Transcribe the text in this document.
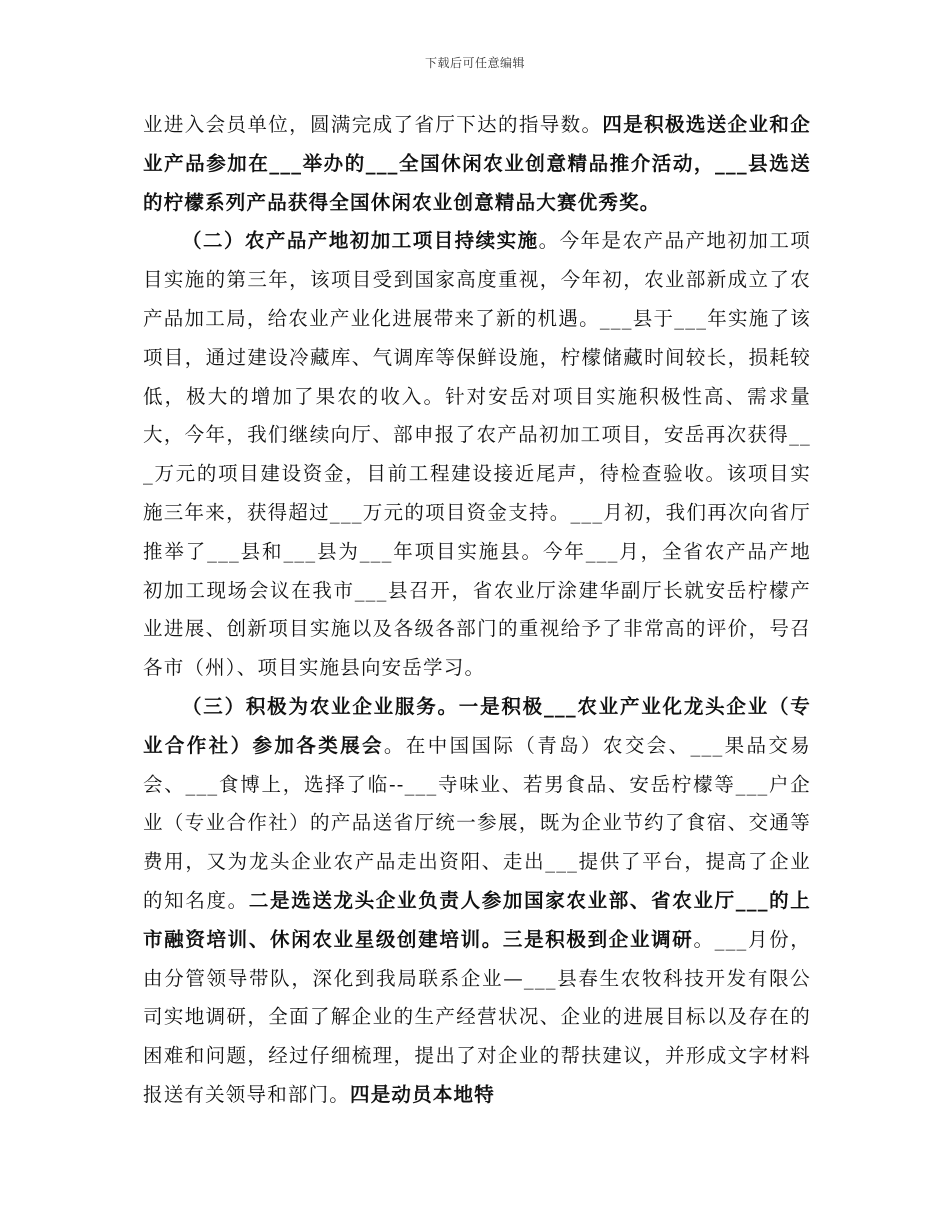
下载后可任意编辑

业进入会员单位，圆满完成了省厅下达的指导数。四是积极选送企业和企业产品参加在___举办的___全国休闲农业创意精品推介活动，___县选送的柠檬系列产品获得全国休闲农业创意精品大赛优秀奖。

（二）农产品产地初加工项目持续实施。今年是农产品产地初加工项目实施的第三年，该项目受到国家高度重视，今年初，农业部新成立了农产品加工局，给农业产业化进展带来了新的机遇。___县于___年实施了该项目，通过建设冷藏库、气调库等保鲜设施，柠檬储藏时间较长，损耗较低，极大的增加了果农的收入。针对安岳对项目实施积极性高、需求量大，今年，我们继续向厅、部申报了农产品初加工项目，安岳再次获得___万元的项目建设资金，目前工程建设接近尾声，待检查验收。该项目实施三年来，获得超过___万元的项目资金支持。___月初，我们再次向省厅推举了___县和___县为___年项目实施县。今年___月，全省农产品产地初加工现场会议在我市___县召开，省农业厅涂建华副厅长就安岳柠檬产业进展、创新项目实施以及各级各部门的重视给予了非常高的评价，号召各市（州）、项目实施县向安岳学习。

（三）积极为农业企业服务。一是积极___农业产业化龙头企业（专业合作社）参加各类展会。在中国国际（青岛）农交会、___果品交易会、___食博上，选择了临--___寺味业、若男食品、安岳柠檬等___户企业（专业合作社）的产品送省厅统一参展，既为企业节约了食宿、交通等费用，又为龙头企业农产品走出资阳、走出___提供了平台，提高了企业的知名度。二是选送龙头企业负责人参加国家农业部、省农业厅___的上市融资培训、休闲农业星级创建培训。三是积极到企业调研。___月份，由分管领导带队，深化到我局联系企业—___县春生农牧科技开发有限公司实地调研，全面了解企业的生产经营状况、企业的进展目标以及存在的困难和问题，经过仔细梳理，提出了对企业的帮扶建议，并形成文字材料报送有关领导和部门。四是动员本地特
